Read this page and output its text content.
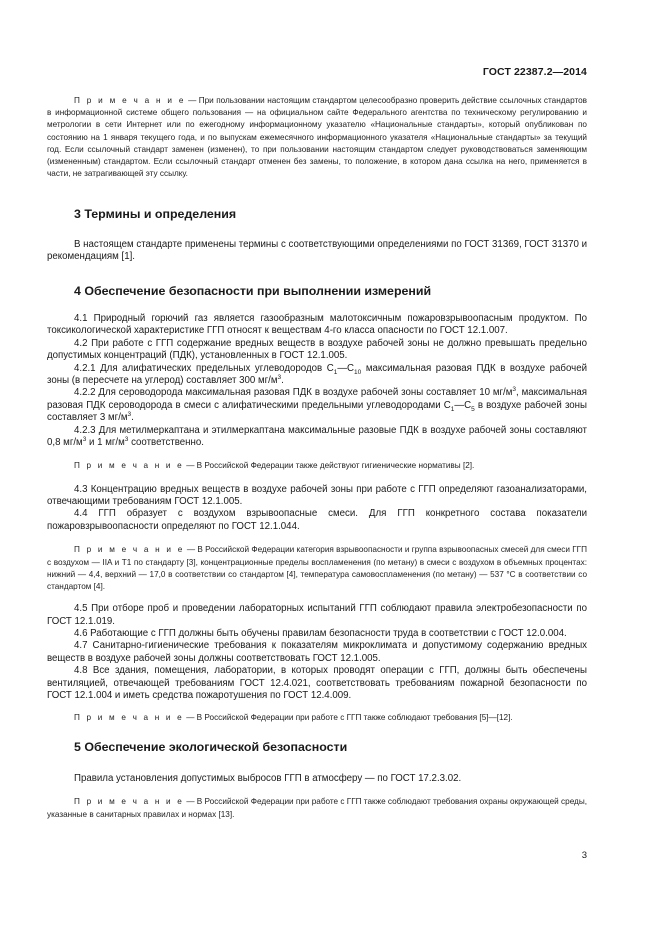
ГОСТ 22387.2—2014

П р и м е ч а н и е — При пользовании настоящим стандартом целесообразно проверить действие ссылочных стандартов в информационной системе общего пользования — на официальном сайте Федерального агентства по техническому регулированию и метрологии в сети Интернет или по ежегодному информационному указателю «Национальные стандарты», который опубликован по состоянию на 1 января текущего года, и по выпускам ежемесячного информационного указателя «Национальные стандарты» за текущий год. Если ссылочный стандарт заменен (изменен), то при пользовании настоящим стандартом следует руководствоваться заменяющим (измененным) стандартом. Если ссылочный стандарт отменен без замены, то положение, в котором дана ссылка на него, применяется в части, не затрагивающей эту ссылку.

3 Термины и определения

В настоящем стандарте применены термины с соответствующими определениями по ГОСТ 31369, ГОСТ 31370 и рекомендациям [1].

4 Обеспечение безопасности при выполнении измерений

4.1 Природный горючий газ является газообразным малотоксичным пожаровзрывоопасным продуктом. По токсикологической характеристике ГГП относят к веществам 4-го класса опасности по ГОСТ 12.1.007.

4.2 При работе с ГГП содержание вредных веществ в воздухе рабочей зоны не должно превышать предельно допустимых концентраций (ПДК), установленных в ГОСТ 12.1.005.

4.2.1 Для алифатических предельных углеводородов $С_1—С_{10}$ максимальная разовая ПДК в воздухе рабочей зоны (в пересчете на углерод) составляет 300 $мг/м^3$.

4.2.2 Для сероводорода максимальная разовая ПДК в воздухе рабочей зоны составляет 10 $мг/м^3$, максимальная разовая ПДК сероводорода в смеси с алифатическими предельными углеводородами $С_1—С_5$ в воздухе рабочей зоны составляет 3 $мг/м^3$.

4.2.3 Для метилмеркаптана и этилмеркаптана максимальные разовые ПДК в воздухе рабочей зоны составляют 0,8 $мг/м^3$ и 1 $мг/м^3$ соответственно.

П р и м е ч а н и е — В Российской Федерации также действуют гигиенические нормативы [2].

4.3 Концентрацию вредных веществ в воздухе рабочей зоны при работе с ГГП определяют газоанализаторами, отвечающими требованиям ГОСТ 12.1.005.

4.4 ГГП образует с воздухом взрывоопасные смеси. Для ГГП конкретного состава показатели пожаровзрывоопасности определяют по ГОСТ 12.1.044.

П р и м е ч а н и е — В Российской Федерации категория взрывоопасности и группа взрывоопасных смесей для смеси ГГП с воздухом — IIA и Т1 по стандарту [3], концентрационные пределы воспламенения (по метану) в смеси с воздухом в объемных процентах: нижний — 4,4, верхний — 17,0 в соответствии со стандартом [4], температура самовоспламенения (по метану) — 537 °С в соответствии со стандартом [4].

4.5 При отборе проб и проведении лабораторных испытаний ГГП соблюдают правила электробезопасности по ГОСТ 12.1.019.

4.6 Работающие с ГГП должны быть обучены правилам безопасности труда в соответствии с ГОСТ 12.0.004.

4.7 Санитарно-гигиенические требования к показателям микроклимата и допустимому содержанию вредных веществ в воздухе рабочей зоны должны соответствовать ГОСТ 12.1.005.

4.8 Все здания, помещения, лаборатории, в которых проводят операции с ГГП, должны быть обеспечены вентиляцией, отвечающей требованиям ГОСТ 12.4.021, соответствовать требованиям пожарной безопасности по ГОСТ 12.1.004 и иметь средства пожаротушения по ГОСТ 12.4.009.

П р и м е ч а н и е — В Российской Федерации при работе с ГГП также соблюдают требования [5]—[12].

5 Обеспечение экологической безопасности

Правила установления допустимых выбросов ГГП в атмосферу — по ГОСТ 17.2.3.02.

П р и м е ч а н и е — В Российской Федерации при работе с ГГП также соблюдают требования охраны окружающей среды, указанные в санитарных правилах и нормах [13].

3
